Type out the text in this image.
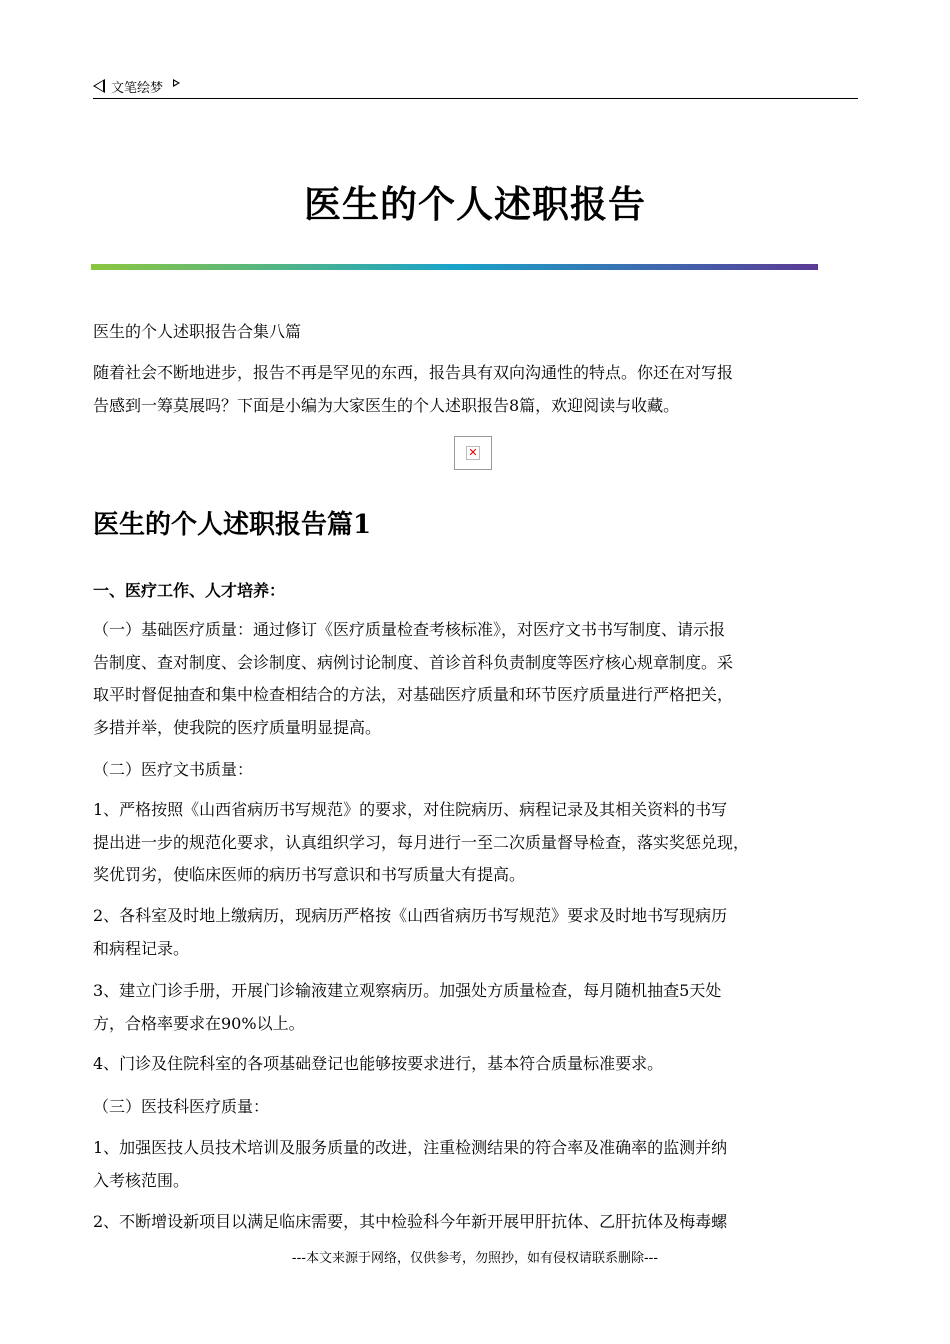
文笔绘梦
医生的个人述职报告
医生的个人述职报告合集八篇
随着社会不断地进步，报告不再是罕见的东西，报告具有双向沟通性的特点。你还在对写报
告感到一筹莫展吗？下面是小编为大家医生的个人述职报告8篇，欢迎阅读与收藏。
✕
医生的个人述职报告篇1
一、医疗工作、人才培养：
（一）基础医疗质量：通过修订《医疗质量检查考核标准》，对医疗文书书写制度、请示报
告制度、查对制度、会诊制度、病例讨论制度、首诊首科负责制度等医疗核心规章制度。采
取平时督促抽查和集中检查相结合的方法，对基础医疗质量和环节医疗质量进行严格把关，
多措并举，使我院的医疗质量明显提高。
（二）医疗文书质量：
1、严格按照《山西省病历书写规范》的要求，对住院病历、病程记录及其相关资料的书写
提出进一步的规范化要求，认真组织学习，每月进行一至二次质量督导检查，落实奖惩兑现，
奖优罚劣，使临床医师的病历书写意识和书写质量大有提高。
2、各科室及时地上缴病历，现病历严格按《山西省病历书写规范》要求及时地书写现病历
和病程记录。
3、建立门诊手册，开展门诊输液建立观察病历。加强处方质量检查，每月随机抽查5天处
方，合格率要求在90%以上。
4、门诊及住院科室的各项基础登记也能够按要求进行，基本符合质量标准要求。
（三）医技科医疗质量：
1、加强医技人员技术培训及服务质量的改进，注重检测结果的符合率及准确率的监测并纳
入考核范围。
2、不断增设新项目以满足临床需要，其中检验科今年新开展甲肝抗体、乙肝抗体及梅毒螺
---本文来源于网络，仅供参考，勿照抄，如有侵权请联系删除---
